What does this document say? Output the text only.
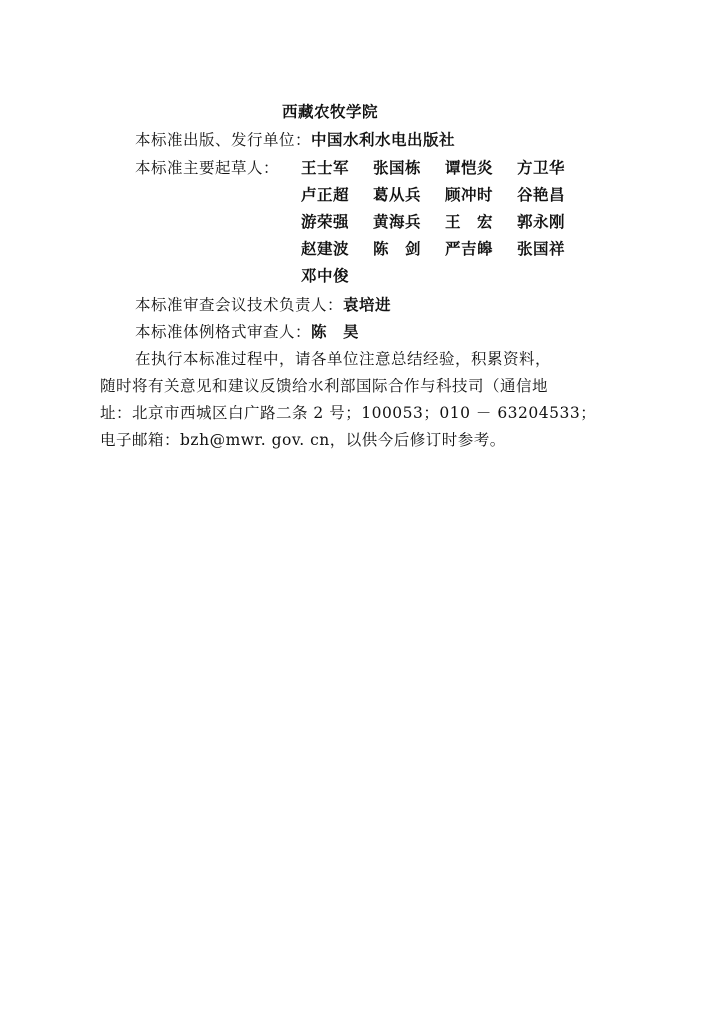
西藏农牧学院
本标准出版、发行单位：中国水利水电出版社
本标准主要起草人： 王士军 张国栋 谭恺炎 方卫华
卢正超 葛从兵 顾冲时 谷艳昌
游荣强 黄海兵 王　宏 郭永刚
赵建波 陈　剑 严吉皞 张国祥
邓中俊
本标准审查会议技术负责人：袁培进
本标准体例格式审查人：陈　昊
在执行本标准过程中，请各单位注意总结经验，积累资料，
随时将有关意见和建议反馈给水利部国际合作与科技司（通信地
址：北京市西城区白广路二条 2 号；100053；010 － 63204533；
电子邮箱：bzh@mwr. gov. cn，以供今后修订时参考。
